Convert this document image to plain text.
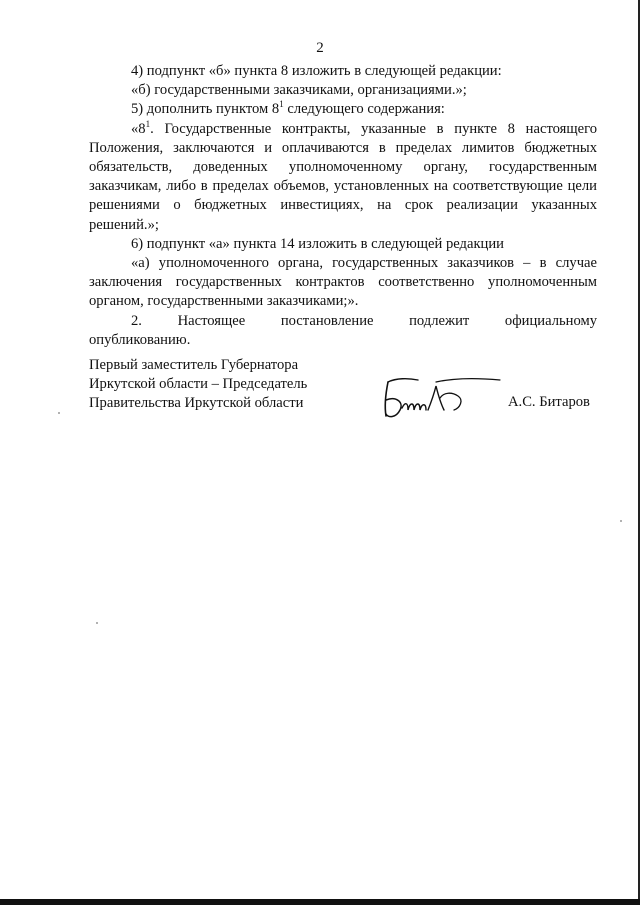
2

4) подпункт «б» пункта 8 изложить в следующей редакции:

«б) государственными заказчиками, организациями.»;

5) дополнить пунктом $8^1$ следующего содержания:

«$8^1$. Государственные контракты, указанные в пункте 8 настоящего Положения, заключаются и оплачиваются в пределах лимитов бюджетных обязательств, доведенных уполномоченному органу, государственным заказчикам, либо в пределах объемов, установленных на соответствующие цели решениями о бюджетных инвестициях, на срок реализации указанных решений.»;

6) подпункт «а» пункта 14 изложить в следующей редакции

«а) уполномоченного органа, государственных заказчиков – в случае заключения государственных контрактов соответственно уполномоченным органом, государственными заказчиками;».

2. Настоящее постановление подлежит официальному

опубликованию.

Первый заместитель Губернатора
Иркутской области – Председатель
Правительства Иркутской области	А.С. Битаров
